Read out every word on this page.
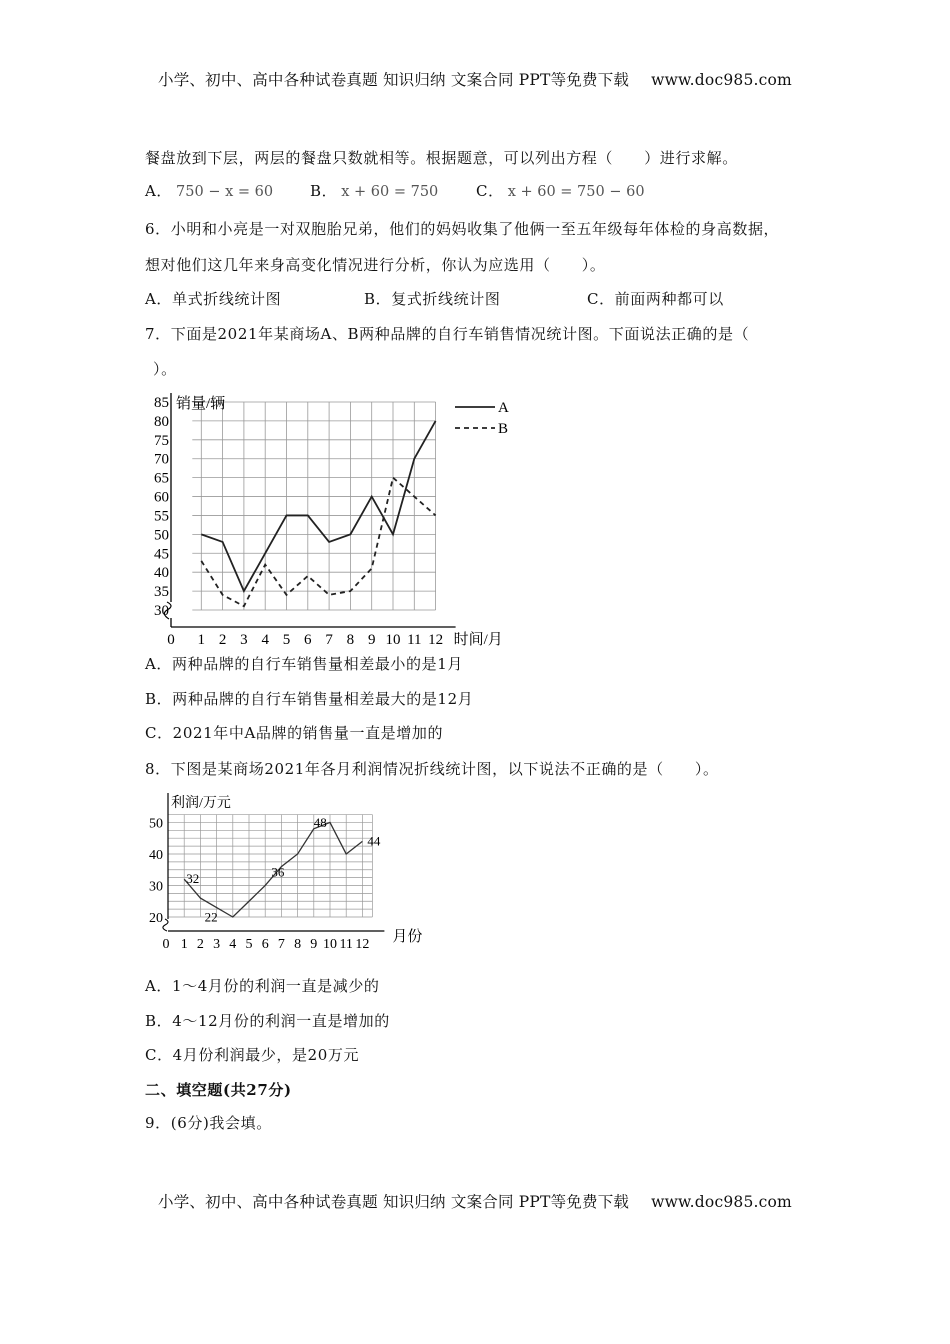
小学、初中、高中各种试卷真题 知识归纳 文案合同 PPT等免费下载 www.doc985.com
餐盘放到下层，两层的餐盘只数就相等。根据题意，可以列出方程（　　）进行求解。
A． 750 − x = 60 B． x + 60 = 750	C． x + 60 = 750 − 60
6．小明和小亮是一对双胞胎兄弟，他们的妈妈收集了他俩一至五年级每年体检的身高数据，
想对他们这几年来身高变化情况进行分析，你认为应选用（　　）。
A．单式折线统计图	B．复式折线统计图	C．前面两种都可以
7．下面是2021年某商场A、B两种品牌的自行车销售情况统计图。下面说法正确的是（
）。
30
35
40
45
50
55
60
65
70
75
80
85
0 1 2 3 4 5 6 7 8 9 10 11 12 时间/月
销量/辆	A
B
A．两种品牌的自行车销售量相差最小的是1月
B．两种品牌的自行车销售量相差最大的是12月
C．2021年中A品牌的销售量一直是增加的
8．下图是某商场2021年各月利润情况折线统计图，以下说法不正确的是（　　）。
20
30
40
50
0 1 2 3 4 5 6 7 8 9 10 11 12 月份
利润/万元
32
22
36
48
44
A．1～4月份的利润一直是减少的
B．4～12月份的利润一直是增加的
C．4月份利润最少，是20万元
二、填空题(共27分)
9．(6分)我会填。
小学、初中、高中各种试卷真题 知识归纳 文案合同 PPT等免费下载 www.doc985.com
